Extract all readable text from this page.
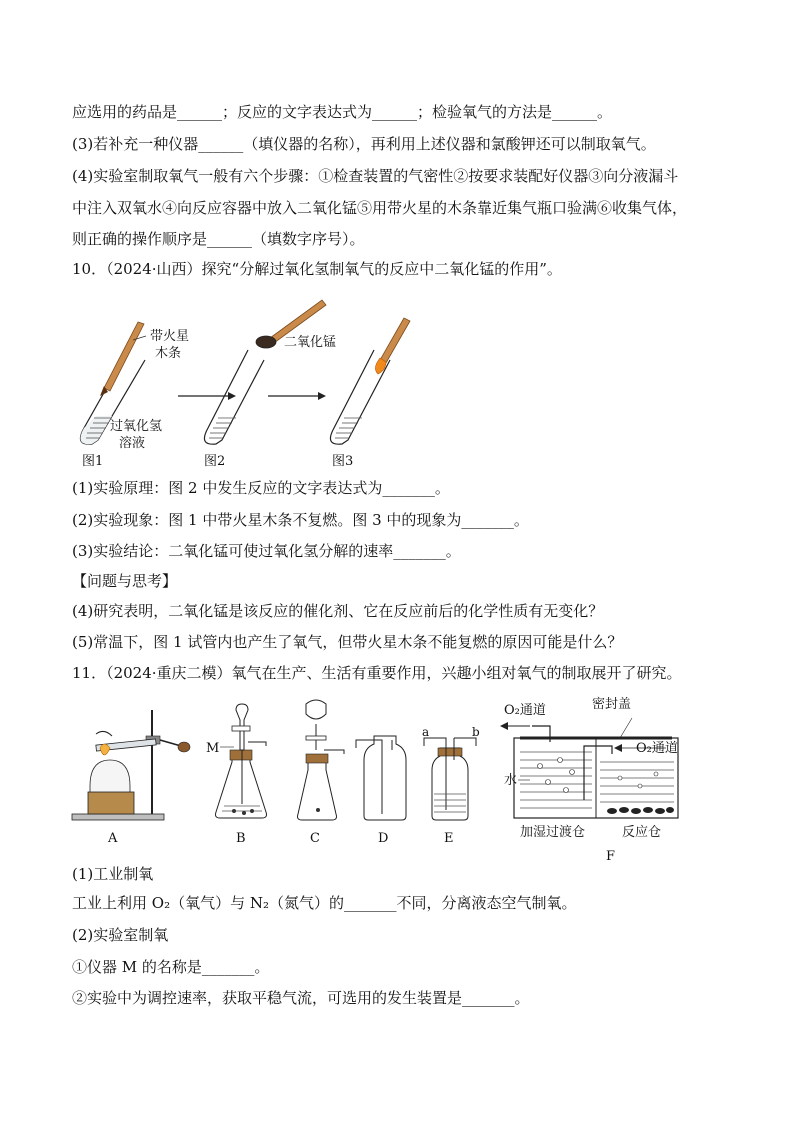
应选用的药品是______；反应的文字表达式为______；检验氧气的方法是______。
(3)若补充一种仪器______（填仪器的名称），再利用上述仪器和氯酸钾还可以制取氧气。
(4)实验室制取氧气一般有六个步骤：①检查装置的气密性②按要求装配好仪器③向分液漏斗
中注入双氧水④向反应容器中放入二氧化锰⑤用带火星的木条靠近集气瓶口验满⑥收集气体，
则正确的操作顺序是______（填数字序号）。
10．（2024·山西）探究“分解过氧化氢制氧气的反应中二氧化锰的作用”。
带火星
木条
过氧化氢
溶液
图1
二氧化锰
图2	图3
(1)实验原理：图 2 中发生反应的文字表达式为_______。
(2)实验现象：图 1 中带火星木条不复燃。图 3 中的现象为_______。
(3)实验结论：二氧化锰可使过氧化氢分解的速率_______。
【问题与思考】
(4)研究表明，二氧化锰是该反应的催化剂、它在反应前后的化学性质有无变化？
(5)常温下，图 1 试管内也产生了氧气，但带火星木条不能复燃的原因可能是什么？
11．（2024·重庆二模）氧气在生产、生活有重要作用，兴趣小组对氧气的制取展开了研究。
A
M
B	C	D
a	b
E
O₂通道	密封盖
O₂通道
水
加湿过渡仓	反应仓
F
(1)工业制氧
工业上利用 O₂（氧气）与 N₂（氮气）的_______不同，分离液态空气制氧。
(2)实验室制氧
①仪器 M 的名称是_______。
②实验中为调控速率，获取平稳气流，可选用的发生装置是_______。
